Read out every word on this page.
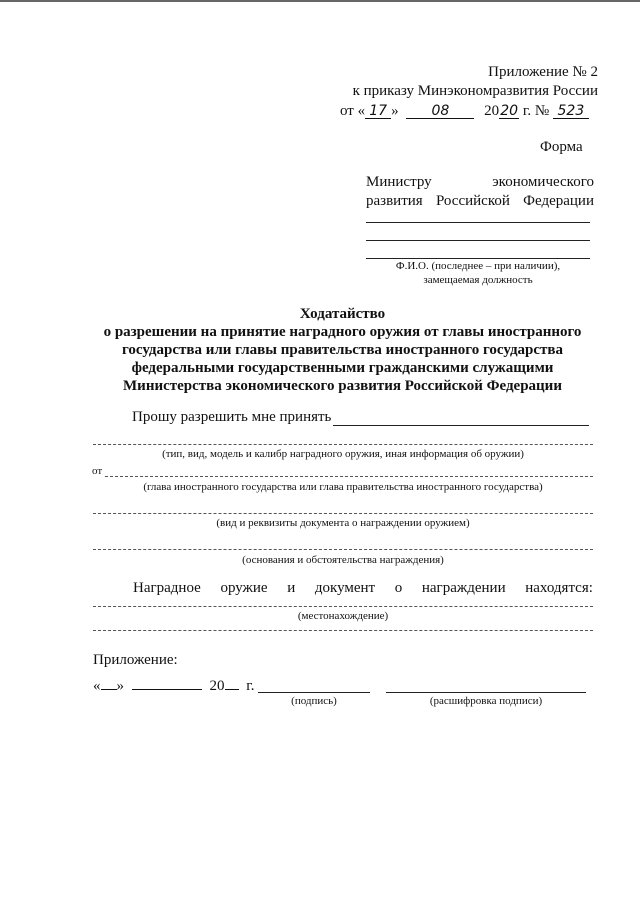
Приложение № 2
к приказу Минэкономразвития России
от « 17 » 08 2020 г. № 523
Форма
Министру экономического
развития Российской Федерации
Ф.И.О. (последнее – при наличии),
замещаемая должность
Ходатайство
о разрешении на принятие наградного оружия от главы иностранного
государства или главы правительства иностранного государства
федеральными государственными гражданскими служащими
Министерства экономического развития Российской Федерации
Прошу разрешить мне принять
(тип, вид, модель и калибр наградного оружия, иная информация об оружии)
от
(глава иностранного государства или глава правительства иностранного государства)
(вид и реквизиты документа о награждении оружием)
(основания и обстоятельства награждения)
Наградное оружие и документ о награждении находятся:
(местонахождение)
Приложение:
« »	20 г.
(подпись)	(расшифровка подписи)
